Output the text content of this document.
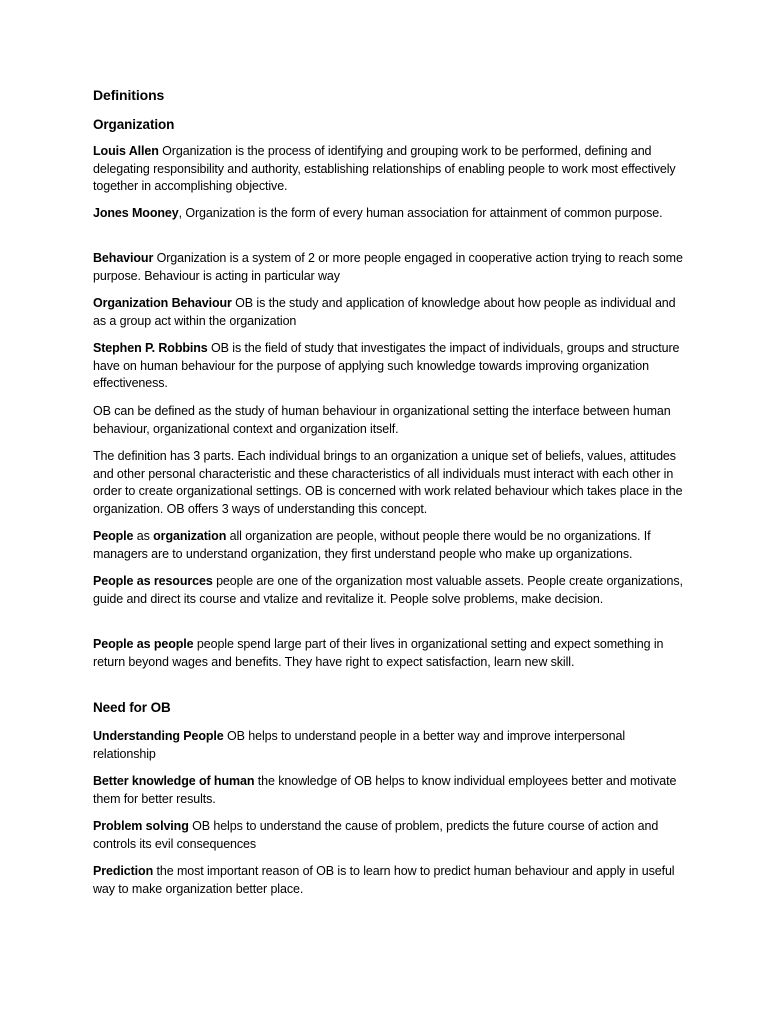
Definitions

Organization

Louis Allen Organization is the process of identifying and grouping work to be performed, defining and delegating responsibility and authority, establishing relationships of enabling people to work most effectively together in accomplishing objective.

Jones Mooney, Organization is the form of every human association for attainment of common purpose.

Behaviour Organization is a system of 2 or more people engaged in cooperative action trying to reach some purpose. Behaviour is acting in particular way

Organization Behaviour OB is the study and application of knowledge about how people as individual and as a group act within the organization

Stephen P. Robbins OB is the field of study that investigates the impact of individuals, groups and structure have on human behaviour for the purpose of applying such knowledge towards improving organization effectiveness.

OB can be defined as the study of human behaviour in organizational setting the interface between human behaviour, organizational context and organization itself.

The definition has 3 parts. Each individual brings to an organization a unique set of beliefs, values, attitudes and other personal characteristic and these characteristics of all individuals must interact with each other in order to create organizational settings. OB is concerned with work related behaviour which takes place in the organization. OB offers 3 ways of understanding this concept.

People as organization all organization are people, without people there would be no organizations. If managers are to understand organization, they first understand people who make up organizations.

People as resources people are one of the organization most valuable assets. People create organizations, guide and direct its course and vtalize and revitalize it. People solve problems, make decision.

People as people people spend large part of their lives in organizational setting and expect something in return beyond wages and benefits. They have right to expect satisfaction, learn new skill.

Need for OB

Understanding People OB helps to understand people in a better way and improve interpersonal relationship

Better knowledge of human the knowledge of OB helps to know individual employees better and motivate them for better results.

Problem solving OB helps to understand the cause of problem, predicts the future course of action and controls its evil consequences

Prediction the most important reason of OB is to learn how to predict human behaviour and apply in useful way to make organization better place.
